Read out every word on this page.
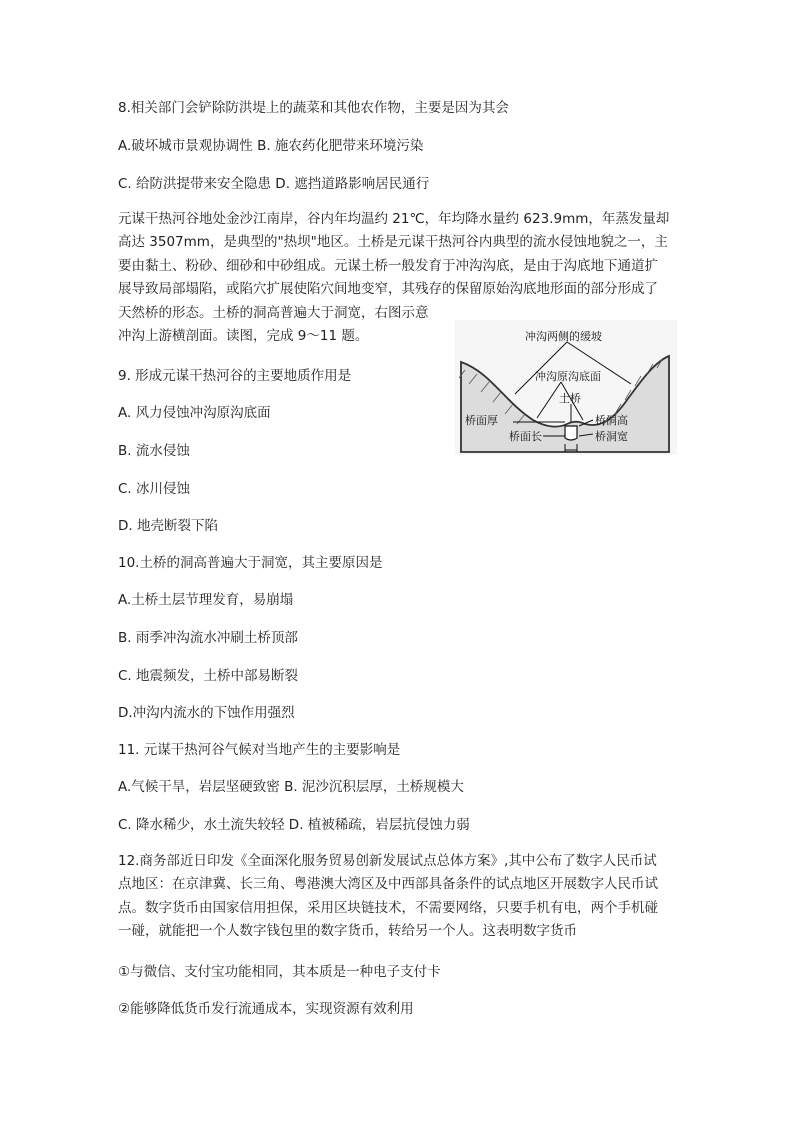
8.相关部门会铲除防洪堤上的蔬菜和其他农作物，主要是因为其会
A.破坏城市景观协调性 B. 施农药化肥带来环境污染
C. 给防洪提带来安全隐患 D. 遮挡道路影响居民通行
元谋干热河谷地处金沙江南岸，谷内年均温约 21℃，年均降水量约 623.9mm，年蒸发量却
高达 3507mm，是典型的"热坝"地区。土桥是元谋干热河谷内典型的流水侵蚀地貌之一，主
要由黏土、粉砂、细砂和中砂组成。元谋土桥一般发育于冲沟沟底，是由于沟底地下通道扩
展导致局部塌陷，或陷穴扩展使陷穴间地变窄，其残存的保留原始沟底地形面的部分形成了
天然桥的形态。土桥的洞高普遍大于洞宽，右图示意
冲沟上游横剖面。读图，完成 9～11 题。	冲沟两侧的缓坡
冲沟原沟底面
土桥
桥面厚
桥面长
桥洞高
桥洞宽
9. 形成元谋干热河谷的主要地质作用是
A. 风力侵蚀冲沟原沟底面
B. 流水侵蚀
C. 冰川侵蚀
D. 地壳断裂下陷
10.土桥的洞高普遍大于洞宽，其主要原因是
A.土桥土层节理发育，易崩塌
B. 雨季冲沟流水冲刷土桥顶部
C. 地震频发，土桥中部易断裂
D.冲沟内流水的下蚀作用强烈
11. 元谋干热河谷气候对当地产生的主要影响是
A.气候干旱，岩层坚硬致密 B. 泥沙沉积层厚，土桥规模大
C. 降水稀少，水土流失较轻 D. 植被稀疏，岩层抗侵蚀力弱
12.商务部近日印发《全面深化服务贸易创新发展试点总体方案》,其中公布了数字人民币试
点地区：在京津冀、长三角、粤港澳大湾区及中西部具备条件的试点地区开展数字人民币试
点。数字货币由国家信用担保，采用区块链技术，不需要网络，只要手机有电，两个手机碰
一碰，就能把一个人数字钱包里的数字货币，转给另一个人。这表明数字货币
①与微信、支付宝功能相同，其本质是一种电子支付卡
②能够降低货币发行流通成本，实现资源有效利用
